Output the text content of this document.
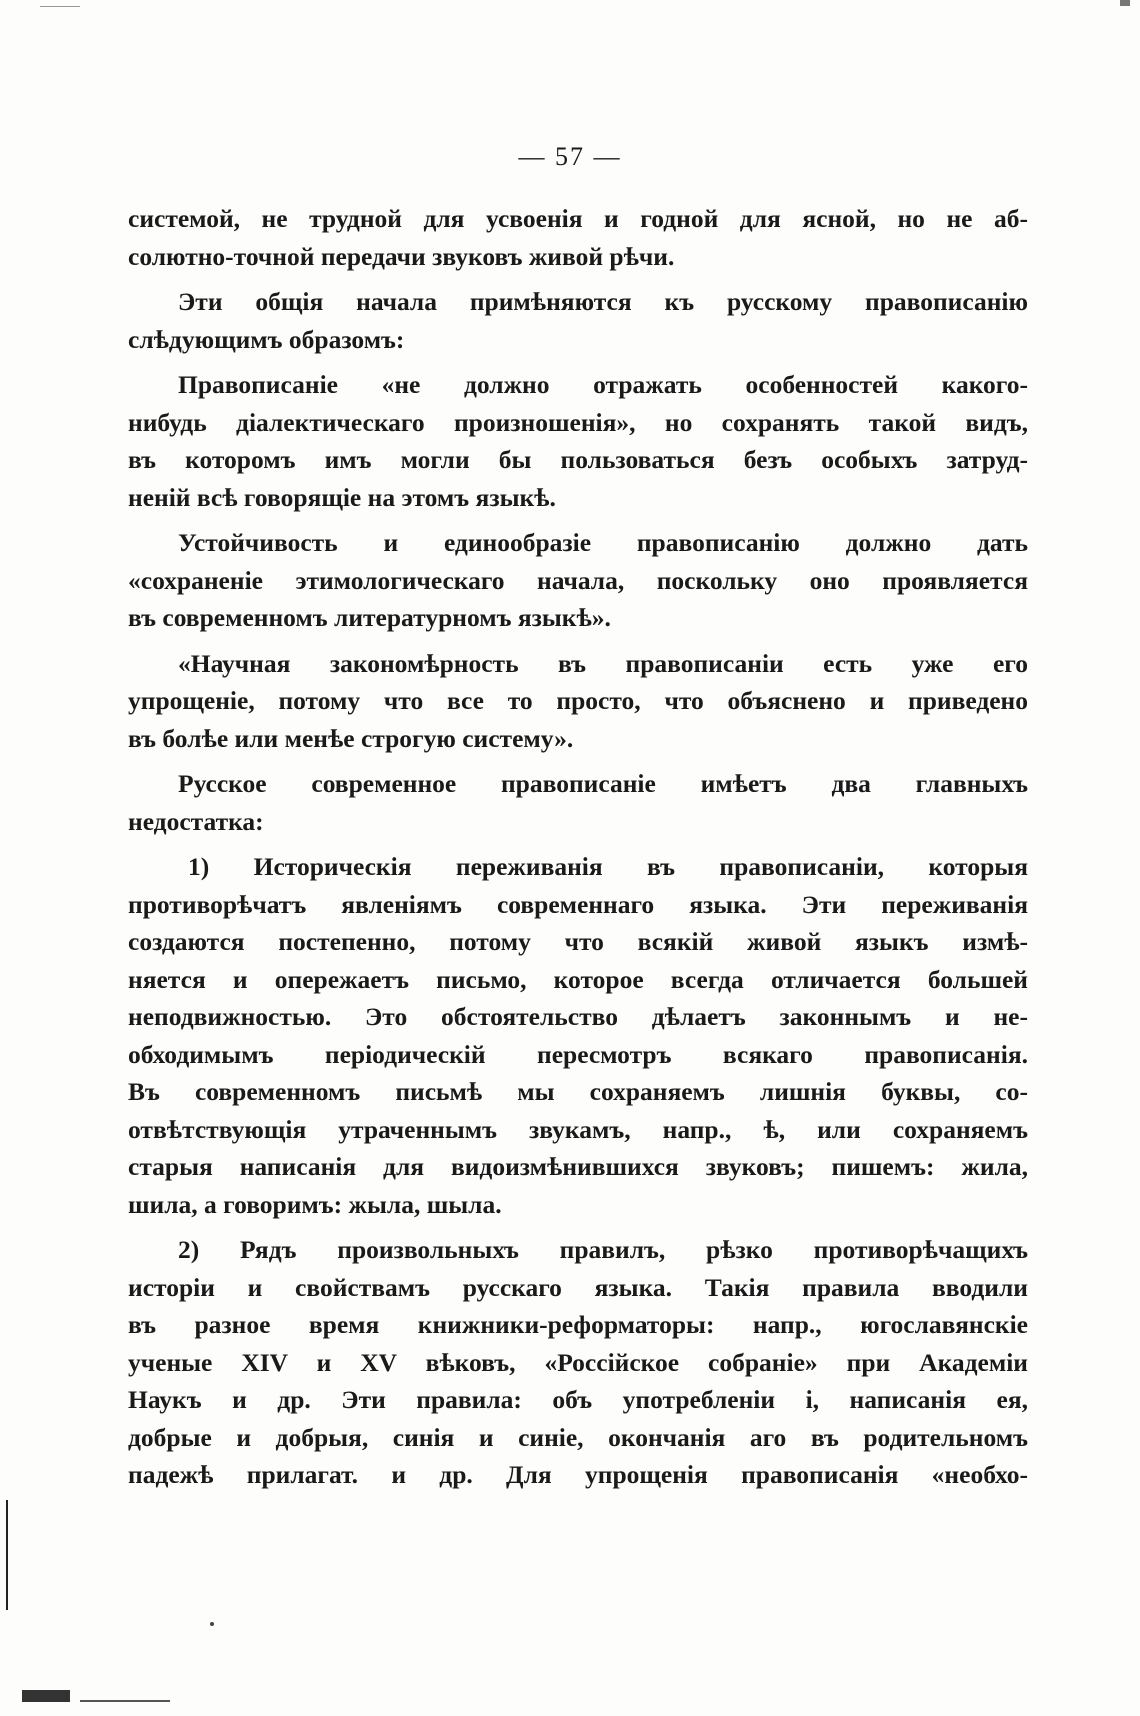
— 57 —
системой, не трудной для усвоенія и годной для ясной, но не аб-
солютно-точной передачи звуковъ живой рѣчи.
Эти общія начала примѣняются къ русскому правописанію
слѣдующимъ образомъ:
Правописаніе «не должно отражать особенностей какого-
нибудь діалектическаго произношенія», но сохранять такой видъ,
въ которомъ имъ могли бы пользоваться безъ особыхъ затруд-
неній всѣ говорящіе на этомъ языкѣ.
Устойчивость и единообразіе правописанію должно дать
«сохраненіе этимологическаго начала, поскольку оно проявляется
въ современномъ литературномъ языкѣ».
«Научная закономѣрность въ правописаніи есть уже его
упрощеніе, потому что все то просто, что объяснено и приведено
въ болѣе или менѣе строгую систему».
Русское современное правописаніе имѣетъ два главныхъ
недостатка:
1) Историческія переживанія въ правописаніи, которыя
противорѣчатъ явленіямъ современнаго языка. Эти переживанія
создаются постепенно, потому что всякій живой языкъ измѣ-
няется и опережаетъ письмо, которое всегда отличается большей
неподвижностью. Это обстоятельство дѣлаетъ законнымъ и не-
обходимымъ періодическій пересмотръ всякаго правописанія.
Въ современномъ письмѣ мы сохраняемъ лишнія буквы, со-
отвѣтствующія утраченнымъ звукамъ, напр., ѣ, или сохраняемъ
старыя написанія для видоизмѣнившихся звуковъ; пишемъ: жила,
шила, а говоримъ: жыла, шыла.
2) Рядъ произвольныхъ правилъ, рѣзко противорѣчащихъ
исторіи и свойствамъ русскаго языка. Такія правила вводили
въ разное время книжники-реформаторы: напр., югославянскіе
ученые XIV и XV вѣковъ, «Россійское собраніе» при Академіи
Наукъ и др. Эти правила: объ употребленіи і, написанія ея,
добрые и добрыя, синія и синіе, окончанія аго въ родительномъ
падежѣ прилагат. и др. Для упрощенія правописанія «необхо-
